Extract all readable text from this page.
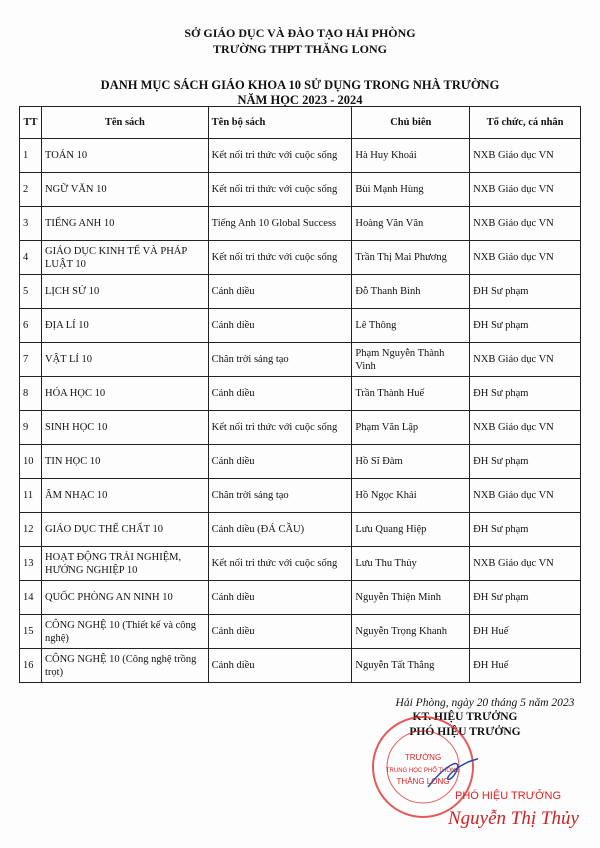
SỞ GIÁO DỤC VÀ ĐÀO TẠO HẢI PHÒNG
TRƯỜNG THPT THĂNG LONG
DANH MỤC SÁCH GIÁO KHOA 10 SỬ DỤNG TRONG NHÀ TRƯỜNG
NĂM HỌC 2023 - 2024
TT	Tên sách	Tên bộ sách	Chủ biên	Tổ chức, cá nhân
1	TOÁN 10	Kết nối tri thức với cuộc sống	Hà Huy Khoái	NXB Giáo dục VN
2	NGỮ VĂN 10	Kết nối tri thức với cuộc sống	Bùi Mạnh Hùng	NXB Giáo dục VN
3	TIẾNG ANH 10	Tiếng Anh 10 Global Success	Hoàng Văn Vân	NXB Giáo dục VN
4	GIÁO DỤC KINH TẾ VÀ PHÁP LUẬT 10	Kết nối tri thức với cuộc sống	Trần Thị Mai Phương	NXB Giáo dục VN
5	LỊCH SỬ 10	Cánh diều	Đỗ Thanh Bình	ĐH Sư phạm
6	ĐỊA LÍ 10	Cánh diều	Lê Thông	ĐH Sư phạm
7	VẬT LÍ 10	Chân trời sáng tạo	Phạm Nguyễn Thành Vinh	NXB Giáo dục VN
8	HÓA HỌC 10	Cánh diều	Trần Thành Huế	ĐH Sư phạm
9	SINH HỌC 10	Kết nối tri thức với cuộc sống	Phạm Văn Lập	NXB Giáo dục VN
10	TIN HỌC 10	Cánh diều	Hồ Sĩ Đàm	ĐH Sư phạm
11	ÂM NHẠC 10	Chân trời sáng tạo	Hồ Ngọc Khải	NXB Giáo dục VN
12	GIÁO DỤC THỂ CHẤT 10	Cánh diều (ĐÁ CẦU)	Lưu Quang Hiệp	ĐH Sư phạm
13	HOẠT ĐỘNG TRẢI NGHIỆM, HƯỚNG NGHIỆP 10	Kết nối tri thức với cuộc sống	Lưu Thu Thủy	NXB Giáo dục VN
14	QUỐC PHÒNG AN NINH 10	Cánh diều	Nguyễn Thiện Minh	ĐH Sư phạm
15	CÔNG NGHỆ 10 (Thiết kế và công nghệ)	Cánh diều	Nguyễn Trọng Khanh	ĐH Huế
16	CÔNG NGHỆ 10 (Công nghệ trồng trọt)	Cánh diều	Nguyễn Tất Thắng	ĐH Huế
Hải Phòng, ngày 20 tháng 5 năm 2023
KT. HIỆU TRƯỞNG
PHÓ HIỆU TRƯỞNG
TRƯỜNG
TRUNG HỌC PHỔ THÔNG
THĂNG LONG
PHÓ HIỆU TRƯỞNG
Nguyễn Thị Thủy
